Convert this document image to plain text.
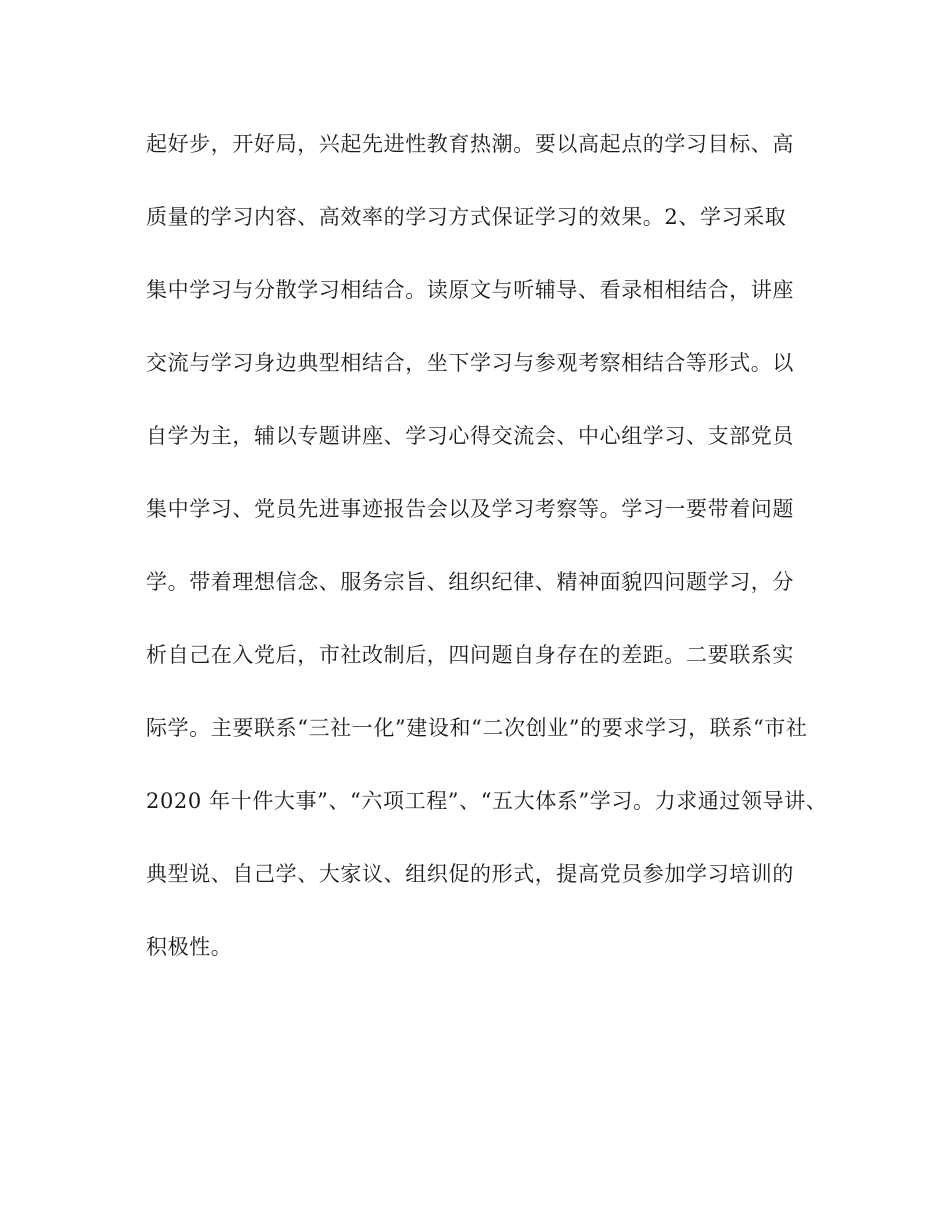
起好步，开好局，兴起先进性教育热潮。要以高起点的学习目标、高
质量的学习内容、高效率的学习方式保证学习的效果。2、学习采取
集中学习与分散学习相结合。读原文与听辅导、看录相相结合，讲座
交流与学习身边典型相结合，坐下学习与参观考察相结合等形式。以
自学为主，辅以专题讲座、学习心得交流会、中心组学习、支部党员
集中学习、党员先进事迹报告会以及学习考察等。学习一要带着问题
学。带着理想信念、服务宗旨、组织纪律、精神面貌四问题学习，分
析自己在入党后，市社改制后，四问题自身存在的差距。二要联系实
际学。主要联系“三社一化”建设和“二次创业”的要求学习，联系“市社
2020 年十件大事”、“六项工程”、“五大体系”学习。力求通过领导讲、
典型说、自己学、大家议、组织促的形式，提高党员参加学习培训的
积极性。
